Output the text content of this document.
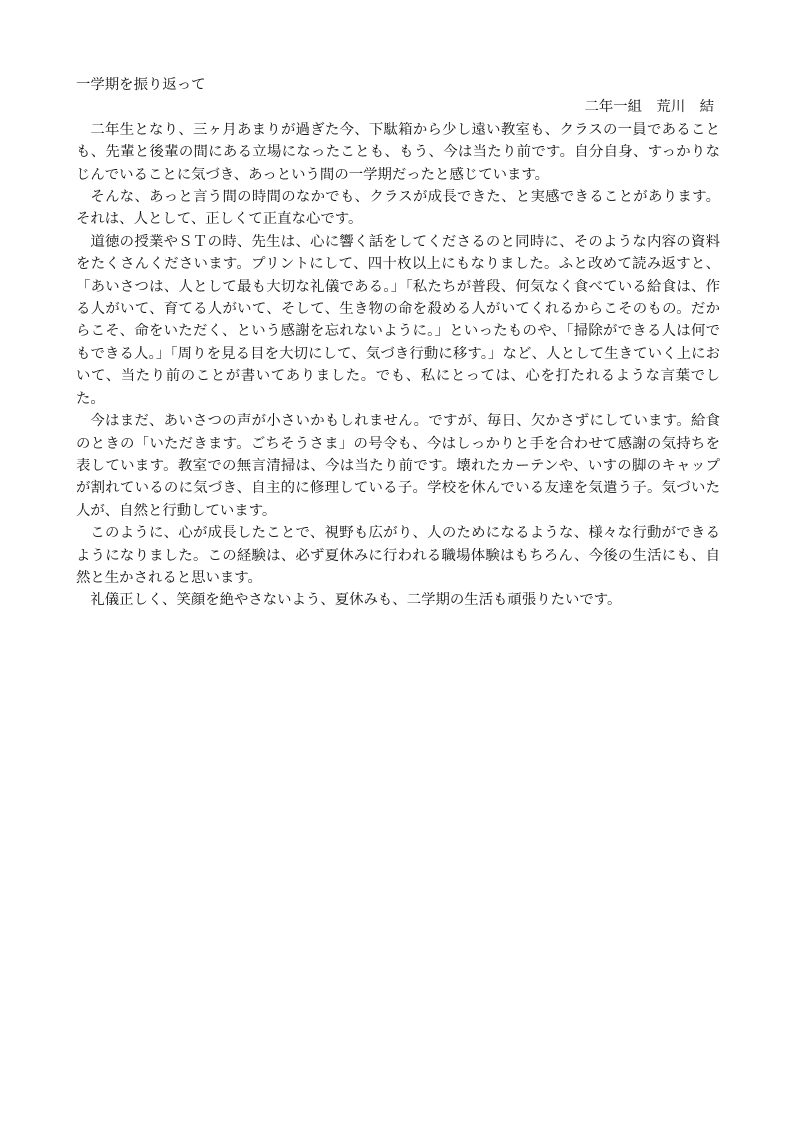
一学期を振り返って
二年一組　荒川　結

二年生となり、三ヶ月あまりが過ぎた今、下駄箱から少し遠い教室も、クラスの一員であることも、先輩と後輩の間にある立場になったことも、もう、今は当たり前です。自分自身、すっかりなじんでいることに気づき、あっという間の一学期だったと感じています。

そんな、あっと言う間の時間のなかでも、クラスが成長できた、と実感できることがあります。それは、人として、正しくて正直な心です。

道徳の授業やＳＴの時、先生は、心に響く話をしてくださるのと同時に、そのような内容の資料をたくさんくださいます。プリントにして、四十枚以上にもなりました。ふと改めて読み返すと、「あいさつは、人として最も大切な礼儀である。」「私たちが普段、何気なく食べている給食は、作る人がいて、育てる人がいて、そして、生き物の命を殺める人がいてくれるからこそのもの。だからこそ、命をいただく、という感謝を忘れないように。」といったものや、「掃除ができる人は何でもできる人。」「周りを見る目を大切にして、気づき行動に移す。」など、人として生きていく上において、当たり前のことが書いてありました。でも、私にとっては、心を打たれるような言葉でした。

今はまだ、あいさつの声が小さいかもしれません。ですが、毎日、欠かさずにしています。給食のときの「いただきます。ごちそうさま」の号令も、今はしっかりと手を合わせて感謝の気持ちを表しています。教室での無言清掃は、今は当たり前です。壊れたカーテンや、いすの脚のキャップが割れているのに気づき、自主的に修理している子。学校を休んでいる友達を気遣う子。気づいた人が、自然と行動しています。

このように、心が成長したことで、視野も広がり、人のためになるような、様々な行動ができるようになりました。この経験は、必ず夏休みに行われる職場体験はもちろん、今後の生活にも、自然と生かされると思います。

礼儀正しく、笑顔を絶やさないよう、夏休みも、二学期の生活も頑張りたいです。
